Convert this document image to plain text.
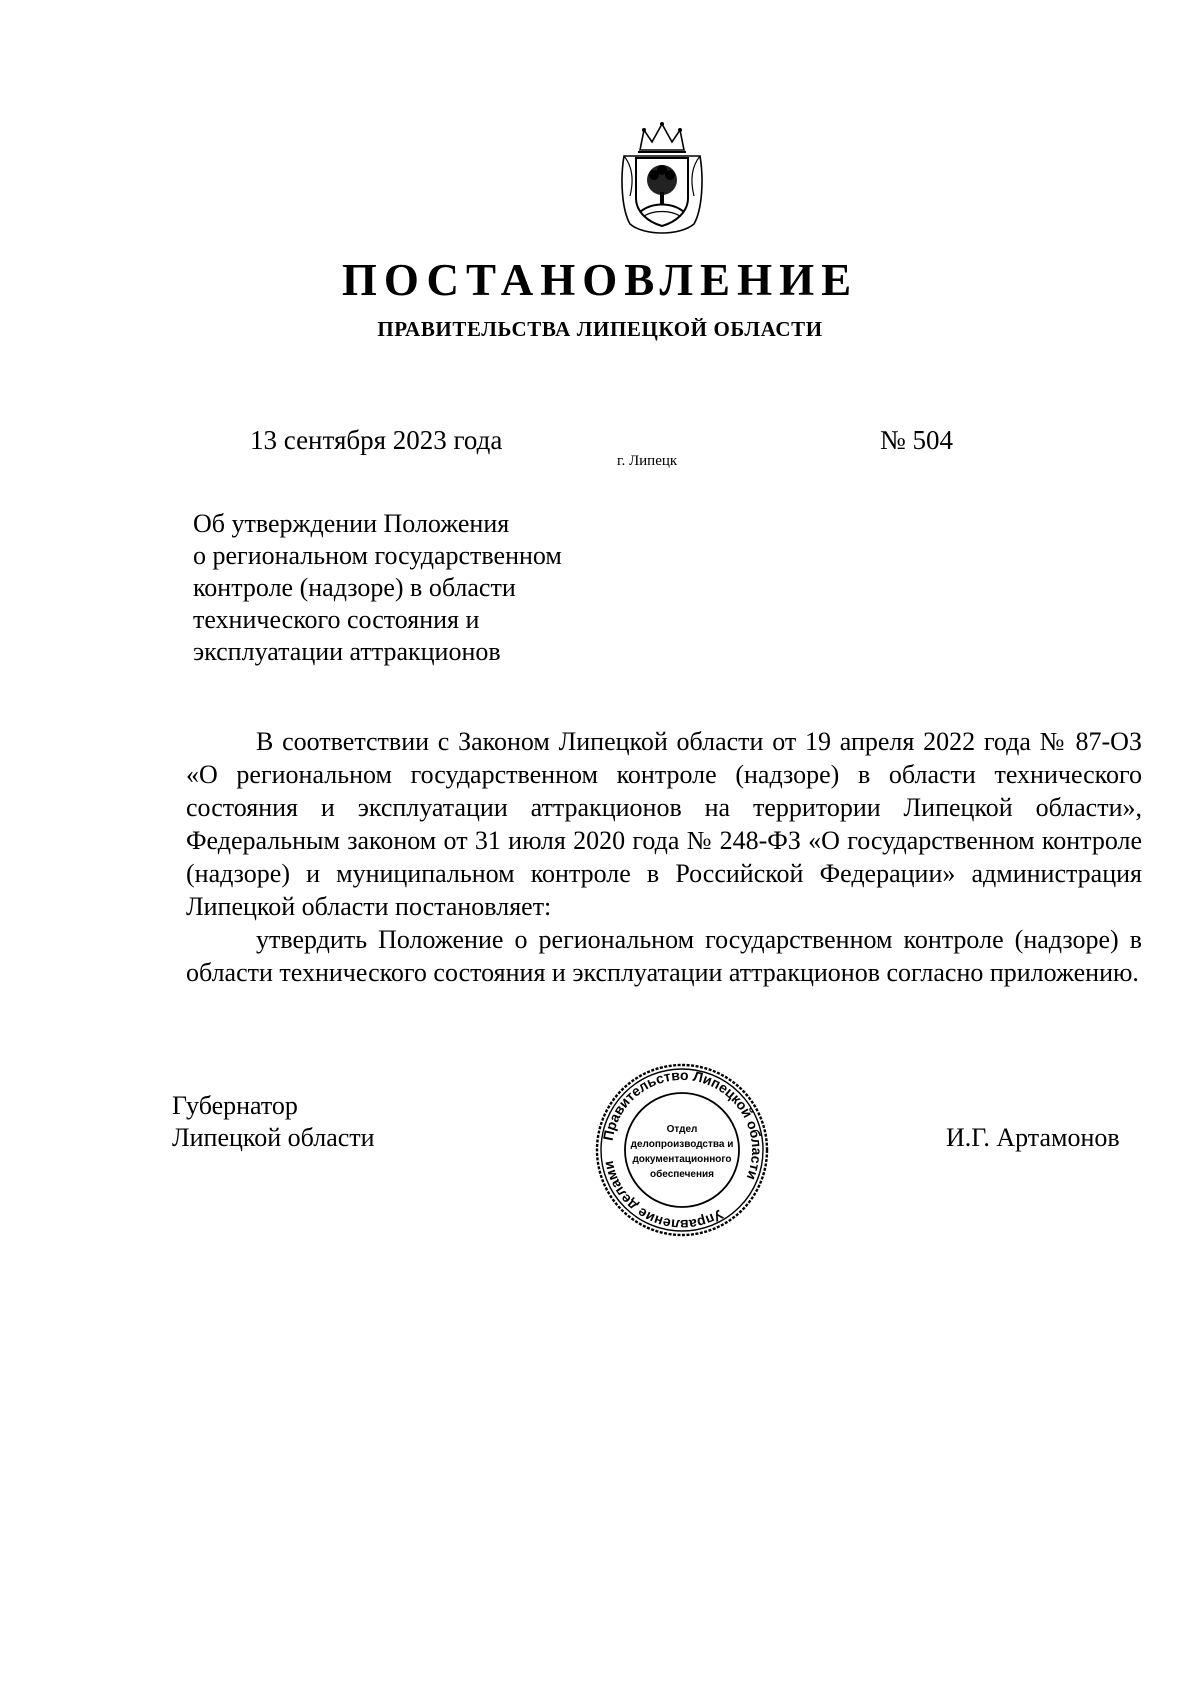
ПОСТАНОВЛЕНИЕ
ПРАВИТЕЛЬСТВА ЛИПЕЦКОЙ ОБЛАСТИ
13 сентября 2023 года
г. Липецк
№ 504
Об утверждении Положения
о региональном государственном
контроле (надзоре) в области
технического состояния и
эксплуатации аттракционов

В соответствии с Законом Липецкой области от 19 апреля 2022 года № 87-ОЗ «О региональном государственном контроле (надзоре) в области технического состояния и эксплуатации аттракционов на территории Липецкой области», Федеральным законом от 31 июля 2020 года № 248-ФЗ «О государственном контроле (надзоре) и муниципальном контроле в Российской Федерации» администрация Липецкой области постановляет:

утвердить Положение о региональном государственном контроле (надзоре) в области технического состояния и эксплуатации аттракционов согласно приложению.

Губернатор
Липецкой области	Правительство Липецкой области
Управление делами
Отдел
делопроизводства и
документационного
обеспечения
И.Г. Артамонов
